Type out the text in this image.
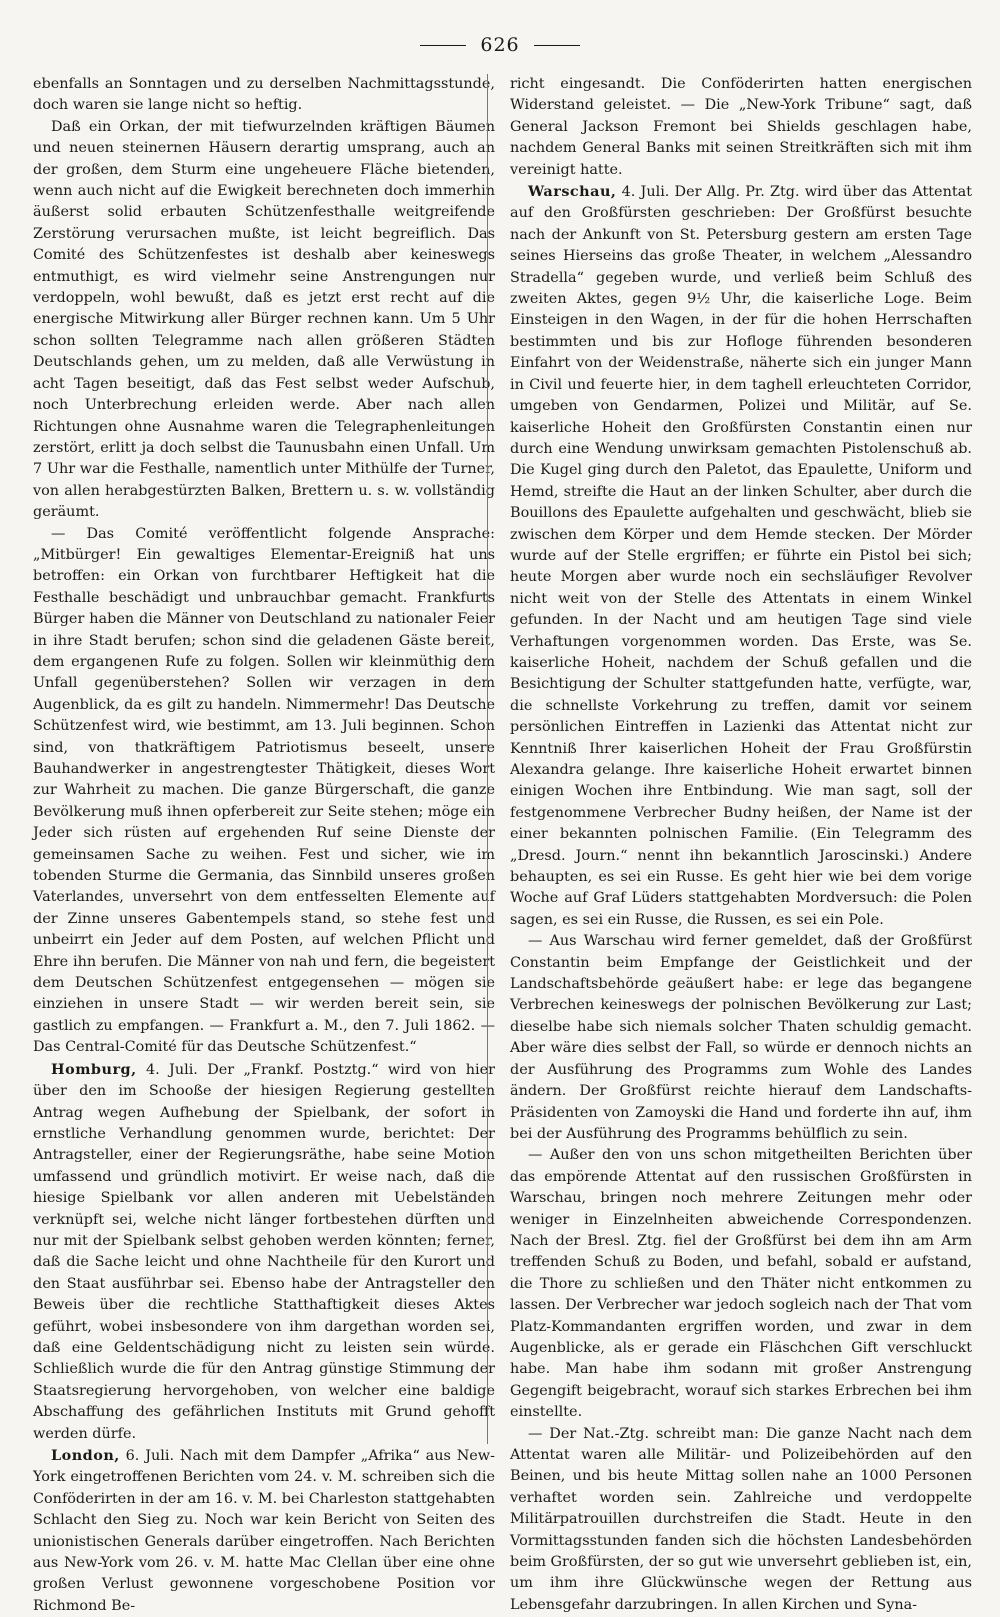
626

ebenfalls an Sonntagen und zu derselben Nachmittagsstunde, doch waren sie lange nicht so heftig.

Daß ein Orkan, der mit tiefwurzelnden kräftigen Bäumen und neuen steinernen Häusern derartig umsprang, auch an der großen, dem Sturm eine ungeheuere Fläche bietenden, wenn auch nicht auf die Ewigkeit berechneten doch immerhin äußerst solid erbauten Schützenfesthalle weitgreifende Zerstörung verursachen mußte, ist leicht begreiflich. Das Comité des Schützenfestes ist deshalb aber keineswegs entmuthigt, es wird vielmehr seine Anstrengungen nur verdoppeln, wohl bewußt, daß es jetzt erst recht auf die energische Mitwirkung aller Bürger rechnen kann. Um 5 Uhr schon sollten Telegramme nach allen größeren Städten Deutschlands gehen, um zu melden, daß alle Verwüstung in acht Tagen beseitigt, daß das Fest selbst weder Aufschub, noch Unterbrechung erleiden werde. Aber nach allen Richtungen ohne Ausnahme waren die Telegraphenleitungen zerstört, erlitt ja doch selbst die Taunusbahn einen Unfall. Um 7 Uhr war die Festhalle, namentlich unter Mithülfe der Turner, von allen herabgestürzten Balken, Brettern u. s. w. vollständig geräumt.

— Das Comité veröffentlicht folgende Ansprache: „Mitbürger! Ein gewaltiges Elementar-Ereigniß hat uns betroffen: ein Orkan von furchtbarer Heftigkeit hat die Festhalle beschädigt und unbrauchbar gemacht. Frankfurts Bürger haben die Männer von Deutschland zu nationaler Feier in ihre Stadt berufen; schon sind die geladenen Gäste bereit, dem ergangenen Rufe zu folgen. Sollen wir kleinmüthig dem Unfall gegenüberstehen? Sollen wir verzagen in dem Augenblick, da es gilt zu handeln. Nimmermehr! Das Deutsche Schützenfest wird, wie bestimmt, am 13. Juli beginnen. Schon sind, von thatkräftigem Patriotismus beseelt, unsere Bauhandwerker in angestrengtester Thätigkeit, dieses Wort zur Wahrheit zu machen. Die ganze Bürgerschaft, die ganze Bevölkerung muß ihnen opferbereit zur Seite stehen; möge ein Jeder sich rüsten auf ergehenden Ruf seine Dienste der gemeinsamen Sache zu weihen. Fest und sicher, wie im tobenden Sturme die Germania, das Sinnbild unseres großen Vaterlandes, unversehrt von dem entfesselten Elemente auf der Zinne unseres Gabentempels stand, so stehe fest und unbeirrt ein Jeder auf dem Posten, auf welchen Pflicht und Ehre ihn berufen. Die Männer von nah und fern, die begeistert dem Deutschen Schützenfest entgegensehen — mögen sie einziehen in unsere Stadt — wir werden bereit sein, sie gastlich zu empfangen. — Frankfurt a. M., den 7. Juli 1862. — Das Central-Comité für das Deutsche Schützenfest.“

Homburg, 4. Juli. Der „Frankf. Postztg.“ wird von hier über den im Schooße der hiesigen Regierung gestellten Antrag wegen Aufhebung der Spielbank, der sofort in ernstliche Verhandlung genommen wurde, berichtet: Der Antragsteller, einer der Regierungsräthe, habe seine Motion umfassend und gründlich motivirt. Er weise nach, daß die hiesige Spielbank vor allen anderen mit Uebelständen verknüpft sei, welche nicht länger fortbestehen dürften und nur mit der Spielbank selbst gehoben werden könnten; ferner, daß die Sache leicht und ohne Nachtheile für den Kurort und den Staat ausführbar sei. Ebenso habe der Antragsteller den Beweis über die rechtliche Statthaftigkeit dieses Aktes geführt, wobei insbesondere von ihm dargethan worden sei, daß eine Geldentschädigung nicht zu leisten sein würde. Schließlich wurde die für den Antrag günstige Stimmung der Staatsregierung hervorgehoben, von welcher eine baldige Abschaffung des gefährlichen Instituts mit Grund gehofft werden dürfe.

London, 6. Juli. Nach mit dem Dampfer „Afrika“ aus New-York eingetroffenen Berichten vom 24. v. M. schreiben sich die Conföderirten in der am 16. v. M. bei Charleston stattgehabten Schlacht den Sieg zu. Noch war kein Bericht von Seiten des unionistischen Generals darüber eingetroffen. Nach Berichten aus New-York vom 26. v. M. hatte Mac Clellan über eine ohne großen Verlust gewonnene vorgeschobene Position vor Richmond Be-

richt eingesandt. Die Conföderirten hatten energischen Widerstand geleistet. — Die „New-York Tribune“ sagt, daß General Jackson Fremont bei Shields geschlagen habe, nachdem General Banks mit seinen Streitkräften sich mit ihm vereinigt hatte.

Warschau, 4. Juli. Der Allg. Pr. Ztg. wird über das Attentat auf den Großfürsten geschrieben: Der Großfürst besuchte nach der Ankunft von St. Petersburg gestern am ersten Tage seines Hierseins das große Theater, in welchem „Alessandro Stradella“ gegeben wurde, und verließ beim Schluß des zweiten Aktes, gegen 9½ Uhr, die kaiserliche Loge. Beim Einsteigen in den Wagen, in der für die hohen Herrschaften bestimmten und bis zur Hofloge führenden besonderen Einfahrt von der Weidenstraße, näherte sich ein junger Mann in Civil und feuerte hier, in dem taghell erleuchteten Corridor, umgeben von Gendarmen, Polizei und Militär, auf Se. kaiserliche Hoheit den Großfürsten Constantin einen nur durch eine Wendung unwirksam gemachten Pistolenschuß ab. Die Kugel ging durch den Paletot, das Epaulette, Uniform und Hemd, streifte die Haut an der linken Schulter, aber durch die Bouillons des Epaulette aufgehalten und geschwächt, blieb sie zwischen dem Körper und dem Hemde stecken. Der Mörder wurde auf der Stelle ergriffen; er führte ein Pistol bei sich; heute Morgen aber wurde noch ein sechsläufiger Revolver nicht weit von der Stelle des Attentats in einem Winkel gefunden. In der Nacht und am heutigen Tage sind viele Verhaftungen vorgenommen worden. Das Erste, was Se. kaiserliche Hoheit, nachdem der Schuß gefallen und die Besichtigung der Schulter stattgefunden hatte, verfügte, war, die schnellste Vorkehrung zu treffen, damit vor seinem persönlichen Eintreffen in Lazienki das Attentat nicht zur Kenntniß Ihrer kaiserlichen Hoheit der Frau Großfürstin Alexandra gelange. Ihre kaiserliche Hoheit erwartet binnen einigen Wochen ihre Entbindung. Wie man sagt, soll der festgenommene Verbrecher Budny heißen, der Name ist der einer bekannten polnischen Familie. (Ein Telegramm des „Dresd. Journ.“ nennt ihn bekanntlich Jaroscinski.) Andere behaupten, es sei ein Russe. Es geht hier wie bei dem vorige Woche auf Graf Lüders stattgehabten Mordversuch: die Polen sagen, es sei ein Russe, die Russen, es sei ein Pole.

— Aus Warschau wird ferner gemeldet, daß der Großfürst Constantin beim Empfange der Geistlichkeit und der Landschaftsbehörde geäußert habe: er lege das begangene Verbrechen keineswegs der polnischen Bevölkerung zur Last; dieselbe habe sich niemals solcher Thaten schuldig gemacht. Aber wäre dies selbst der Fall, so würde er dennoch nichts an der Ausführung des Programms zum Wohle des Landes ändern. Der Großfürst reichte hierauf dem Landschafts-Präsidenten von Zamoyski die Hand und forderte ihn auf, ihm bei der Ausführung des Programms behülflich zu sein.

— Außer den von uns schon mitgetheilten Berichten über das empörende Attentat auf den russischen Großfürsten in Warschau, bringen noch mehrere Zeitungen mehr oder weniger in Einzelnheiten abweichende Correspondenzen. Nach der Bresl. Ztg. fiel der Großfürst bei dem ihn am Arm treffenden Schuß zu Boden, und befahl, sobald er aufstand, die Thore zu schließen und den Thäter nicht entkommen zu lassen. Der Verbrecher war jedoch sogleich nach der That vom Platz-Kommandanten ergriffen worden, und zwar in dem Augenblicke, als er gerade ein Fläschchen Gift verschluckt habe. Man habe ihm sodann mit großer Anstrengung Gegengift beigebracht, worauf sich starkes Erbrechen bei ihm einstellte.

— Der Nat.-Ztg. schreibt man: Die ganze Nacht nach dem Attentat waren alle Militär- und Polizeibehörden auf den Beinen, und bis heute Mittag sollen nahe an 1000 Personen verhaftet worden sein. Zahlreiche und verdoppelte Militärpatrouillen durchstreifen die Stadt. Heute in den Vormittagsstunden fanden sich die höchsten Landesbehörden beim Großfürsten, der so gut wie unversehrt geblieben ist, ein, um ihm ihre Glückwünsche wegen der Rettung aus Lebensgefahr darzubringen. In allen Kirchen und Syna-
